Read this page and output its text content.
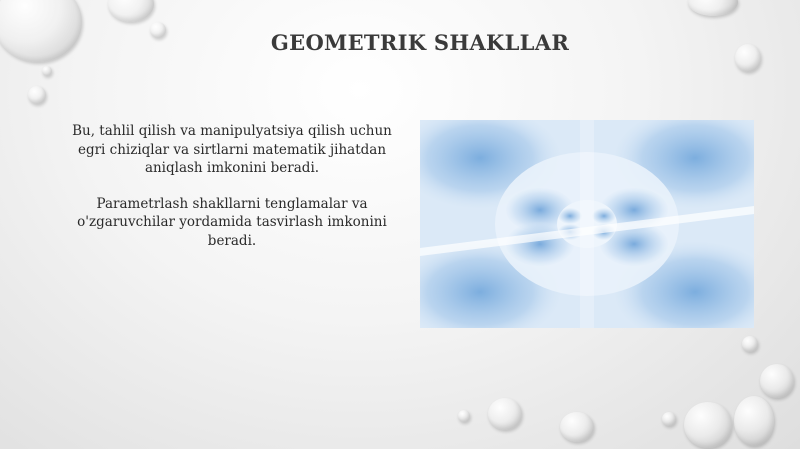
GEOMETRIK SHAKLLAR

Bu, tahlil qilish va manipulyatsiya qilish uchun egri chiziqlar va sirtlarni matematik jihatdan aniqlash imkonini beradi.

Parametrlash shakllarni tenglamalar va o'zgaruvchilar yordamida tasvirlash imkonini beradi.
